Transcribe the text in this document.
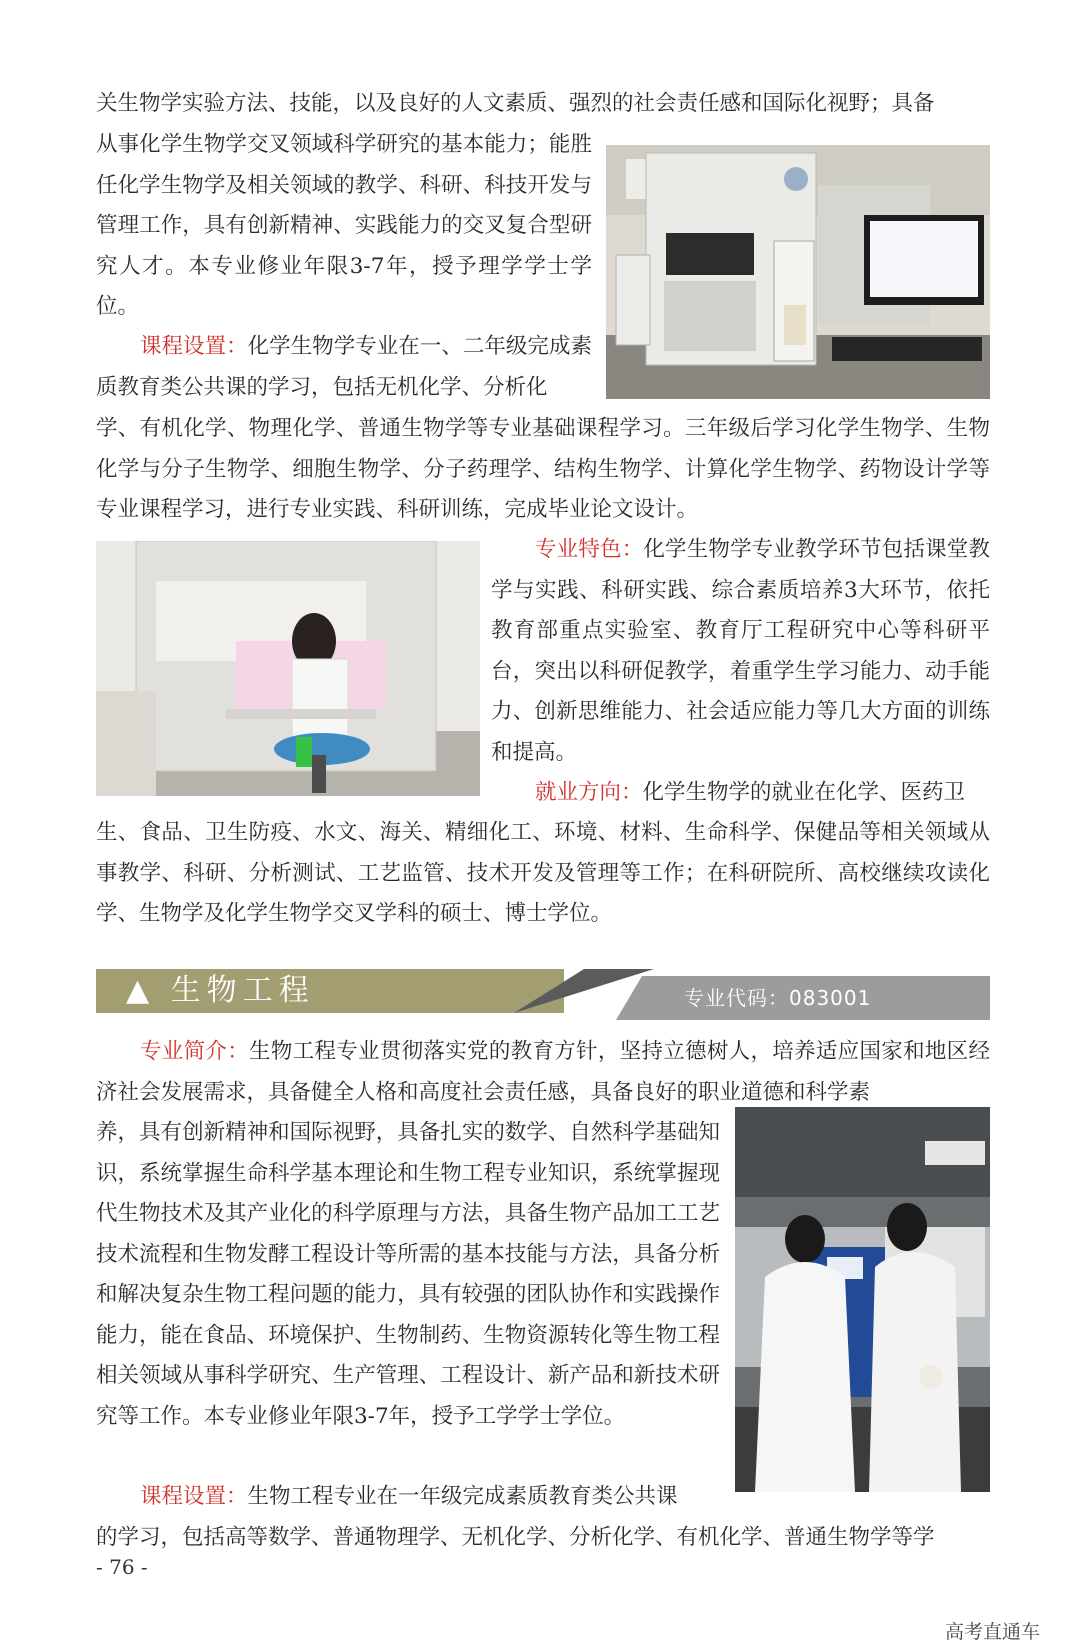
关生物学实验方法、技能，以及良好的人文素质、强烈的社会责任感和国际化视野；具备

从事化学生物学交叉领域科学研究的基本能力；能胜任化学生物学及相关领域的教学、科研、科技开发与管理工作，具有创新精神、实践能力的交叉复合型研究人才。本专业修业年限3-7年，授予理学学士学位。

课程设置：化学生物学专业在一、二年级完成素质教育类公共课的学习，包括无机化学、分析化

学、有机化学、物理化学、普通生物学等专业基础课程学习。三年级后学习化学生物学、生物化学与分子生物学、细胞生物学、分子药理学、结构生物学、计算化学生物学、药物设计学等专业课程学习，进行专业实践、科研训练，完成毕业论文设计。

专业特色：化学生物学专业教学环节包括课堂教学与实践、科研实践、综合素质培养3大环节，依托教育部重点实验室、教育厅工程研究中心等科研平台，突出以科研促教学，着重学生学习能力、动手能力、创新思维能力、社会适应能力等几大方面的训练和提高。

就业方向：化学生物学的就业在化学、医药卫

生、食品、卫生防疫、水文、海关、精细化工、环境、材料、生命科学、保健品等相关领域从事教学、科研、分析测试、工艺监管、技术开发及管理等工作；在科研院所、高校继续攻读化学、生物学及化学生物学交叉学科的硕士、博士学位。

▲ 生物工程	专业代码：083001

专业简介：生物工程专业贯彻落实党的教育方针，坚持立德树人，培养适应国家和地区经济社会发展需求，具备健全人格和高度社会责任感，具备良好的职业道德和科学素

养，具有创新精神和国际视野，具备扎实的数学、自然科学基础知识，系统掌握生命科学基本理论和生物工程专业知识，系统掌握现代生物技术及其产业化的科学原理与方法，具备生物产品加工工艺技术流程和生物发酵工程设计等所需的基本技能与方法，具备分析和解决复杂生物工程问题的能力，具有较强的团队协作和实践操作能力，能在食品、环境保护、生物制药、生物资源转化等生物工程相关领域从事科学研究、生产管理、工程设计、新产品和新技术研究等工作。本专业修业年限3-7年，授予工学学士学位。

课程设置：生物工程专业在一年级完成素质教育类公共课

的学习，包括高等数学、普通物理学、无机化学、分析化学、有机化学、普通生物学等学

- 76 -
高考直通车
